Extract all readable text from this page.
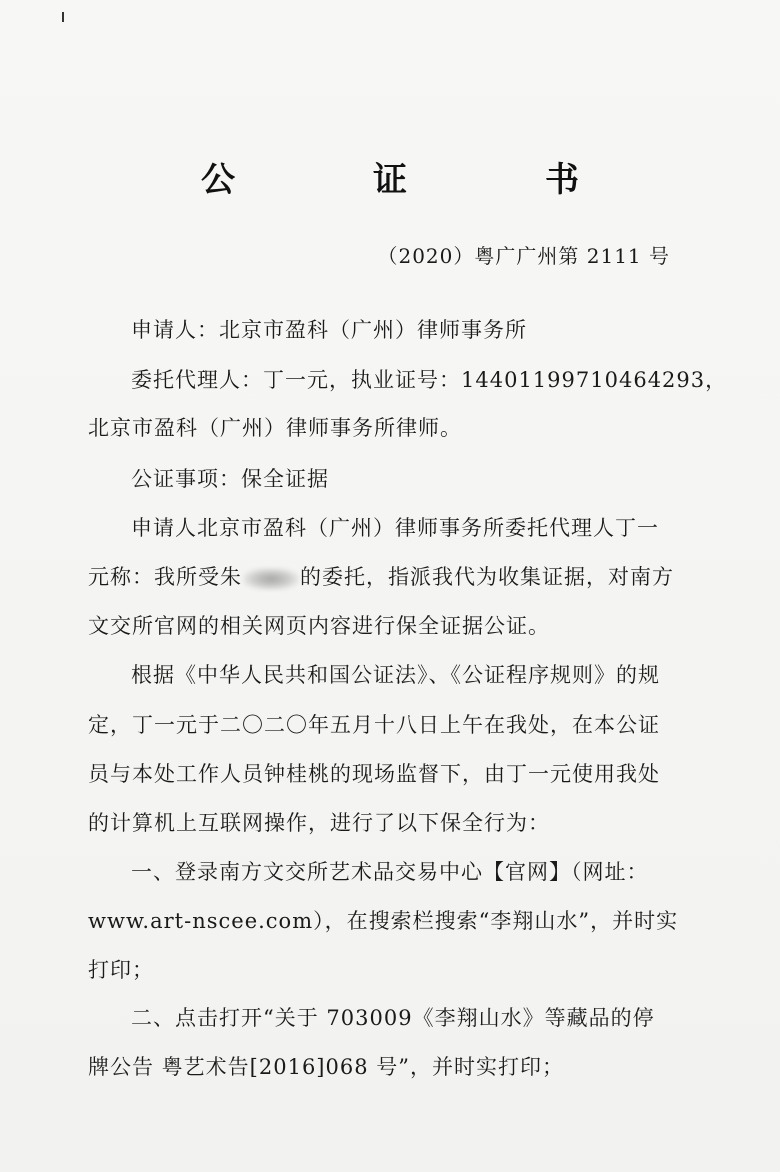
公　证　书
（2020）粤广广州第 2111 号
申请人：北京市盈科（广州）律师事务所
委托代理人：丁一元，执业证号：14401199710464293，
北京市盈科（广州）律师事务所律师。
公证事项：保全证据
申请人北京市盈科（广州）律师事务所委托代理人丁一
元称：我所受朱	的委托，指派我代为收集证据，对南方
文交所官网的相关网页内容进行保全证据公证。
根据《中华人民共和国公证法》、《公证程序规则》的规
定，丁一元于二〇二〇年五月十八日上午在我处，在本公证
员与本处工作人员钟桂桃的现场监督下，由丁一元使用我处
的计算机上互联网操作，进行了以下保全行为：
一、登录南方文交所艺术品交易中心【官网】（网址：
www.art-nscee.com），在搜索栏搜索“李翔山水”，并时实
打印；
二、点击打开“关于 703009《李翔山水》等藏品的停
牌公告 粤艺术告[2016]068 号”，并时实打印；
